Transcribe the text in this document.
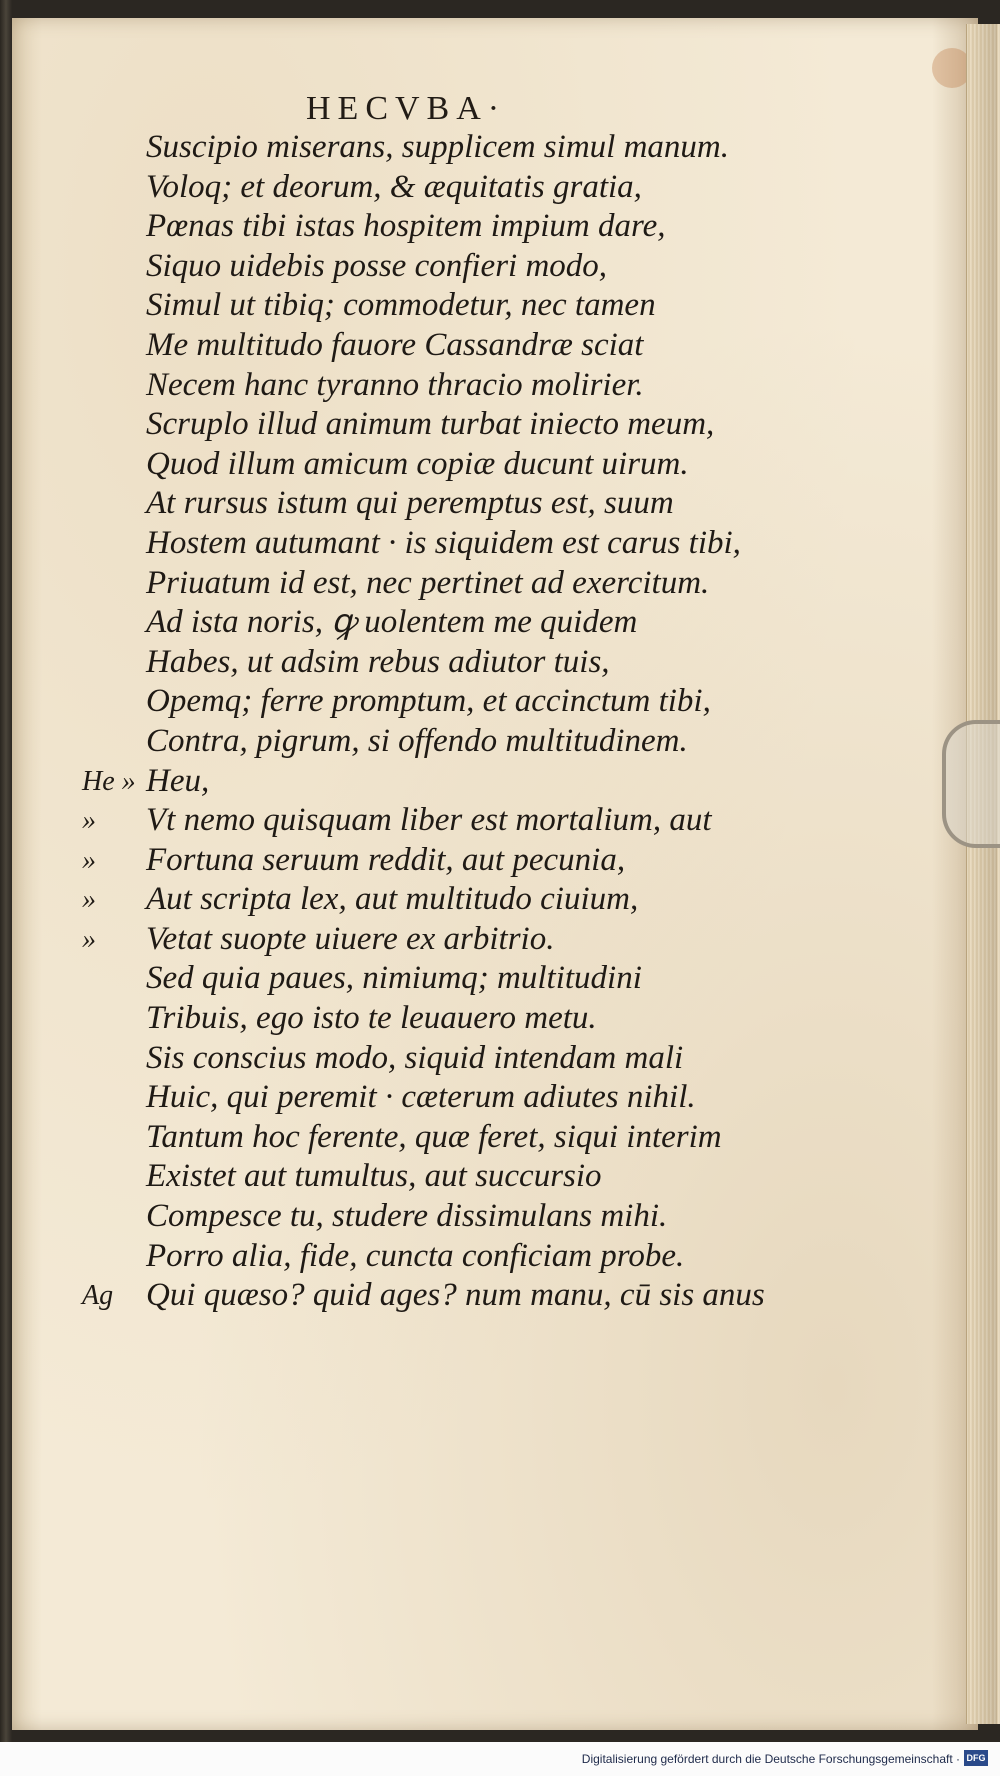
HECVBA·
Suscipio miserans, supplicem simul manum.
Voloq; et deorum, & æquitatis gratia,
Pœnas tibi istas hospitem impium dare,
Siquo uidebis posse confieri modo,
Simul ut tibiq; commodetur, nec tamen
Me multitudo fauore Cassandræ sciat
Necem hanc tyranno thracio molirier.
Scruplo illud animum turbat iniecto meum,
Quod illum amicum copiæ ducunt uirum.
At rursus istum qui peremptus est, suum
Hostem autumant · is siquidem est carus tibi,
Priuatum id est, nec pertinet ad exercitum.
Ad ista noris, ꝙ uolentem me quidem
Habes, ut adsim rebus adiutor tuis,
Opemq; ferre promptum, et accinctum tibi,
Contra, pigrum, si offendo multitudinem.
He » Heu,
»	Vt nemo quisquam liber est mortalium, aut
»	Fortuna seruum reddit, aut pecunia,
»	Aut scripta lex, aut multitudo ciuium,
»	Vetat suopte uiuere ex arbitrio.
Sed quia paues, nimiumq; multitudini
Tribuis, ego isto te leuauero metu.
Sis conscius modo, siquid intendam mali
Huic, qui peremit · cæterum adiutes nihil.
Tantum hoc ferente, quæ feret, siqui interim
Existet aut tumultus, aut succursio
Compesce tu, studere dissimulans mihi.
Porro alia, fide, cuncta conficiam probe.
Ag Qui quæso? quid ages? num manu, cū sis anus
Digitalisierung gefördert durch die Deutsche Forschungsgemeinschaft · DFG
